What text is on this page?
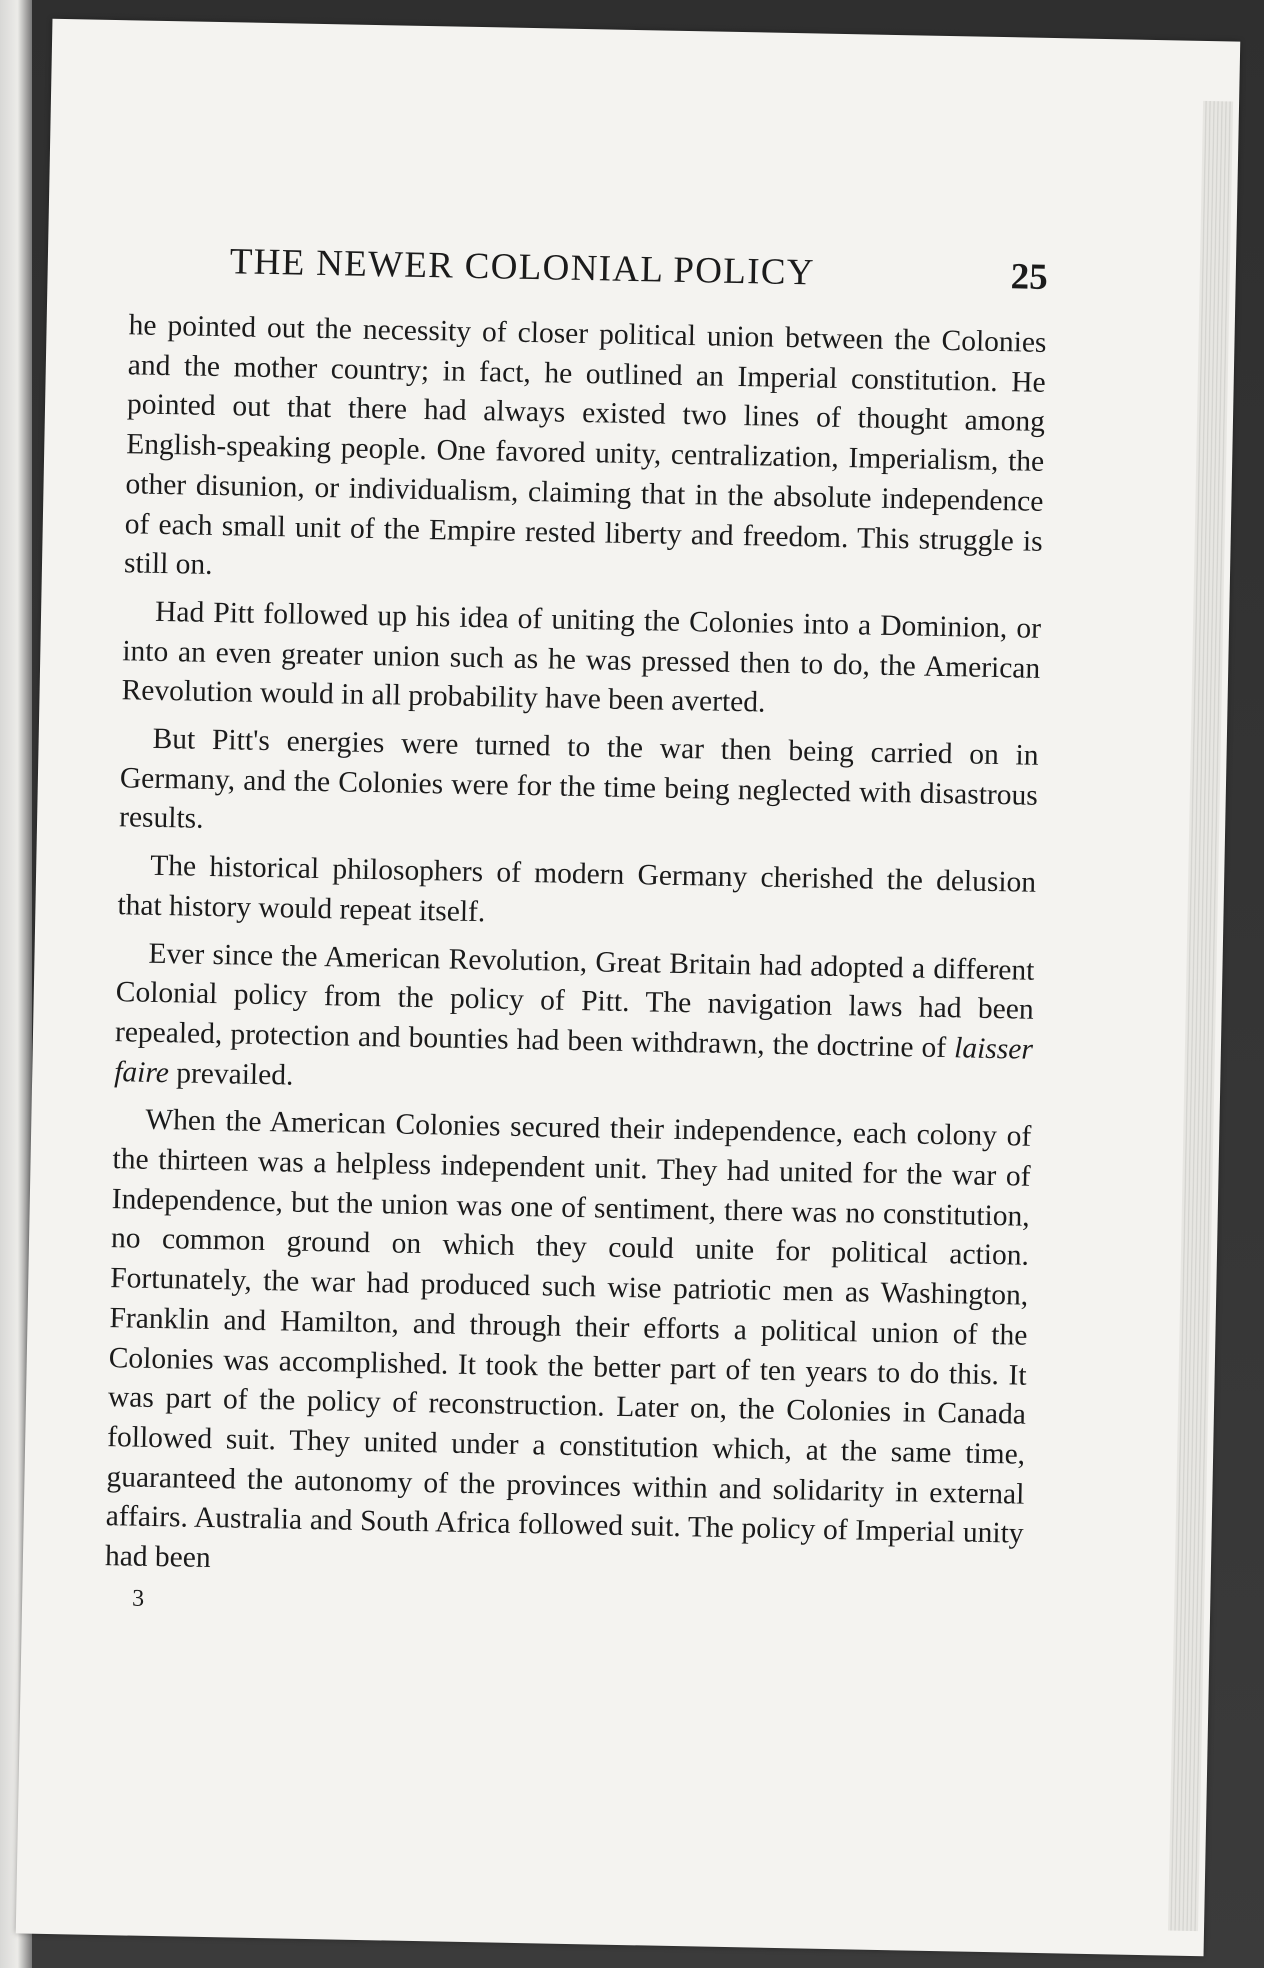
THE NEWER COLONIAL POLICY	25

he pointed out the necessity of closer political union between the Colonies and the mother country; in fact, he outlined an Imperial constitution. He pointed out that there had always existed two lines of thought among English-speaking people. One favored unity, centralization, Imperialism, the other disunion, or individualism, claiming that in the absolute independence of each small unit of the Empire rested liberty and freedom. This struggle is still on.

Had Pitt followed up his idea of uniting the Colonies into a Dominion, or into an even greater union such as he was pressed then to do, the American Revolution would in all probability have been averted.

But Pitt's energies were turned to the war then being carried on in Germany, and the Colonies were for the time being neglected with disastrous results.

The historical philosophers of modern Germany cherished the delusion that history would repeat itself.

Ever since the American Revolution, Great Britain had adopted a different Colonial policy from the policy of Pitt. The navigation laws had been repealed, protection and bounties had been withdrawn, the doctrine of laisser faire prevailed.

When the American Colonies secured their independence, each colony of the thirteen was a helpless independent unit. They had united for the war of Independence, but the union was one of sentiment, there was no constitution, no common ground on which they could unite for political action. Fortunately, the war had produced such wise patriotic men as Washington, Franklin and Hamilton, and through their efforts a political union of the Colonies was accomplished. It took the better part of ten years to do this. It was part of the policy of reconstruction. Later on, the Colonies in Canada followed suit. They united under a constitution which, at the same time, guaranteed the autonomy of the provinces within and solidarity in external affairs. Australia and South Africa followed suit. The policy of Imperial unity had been

3
